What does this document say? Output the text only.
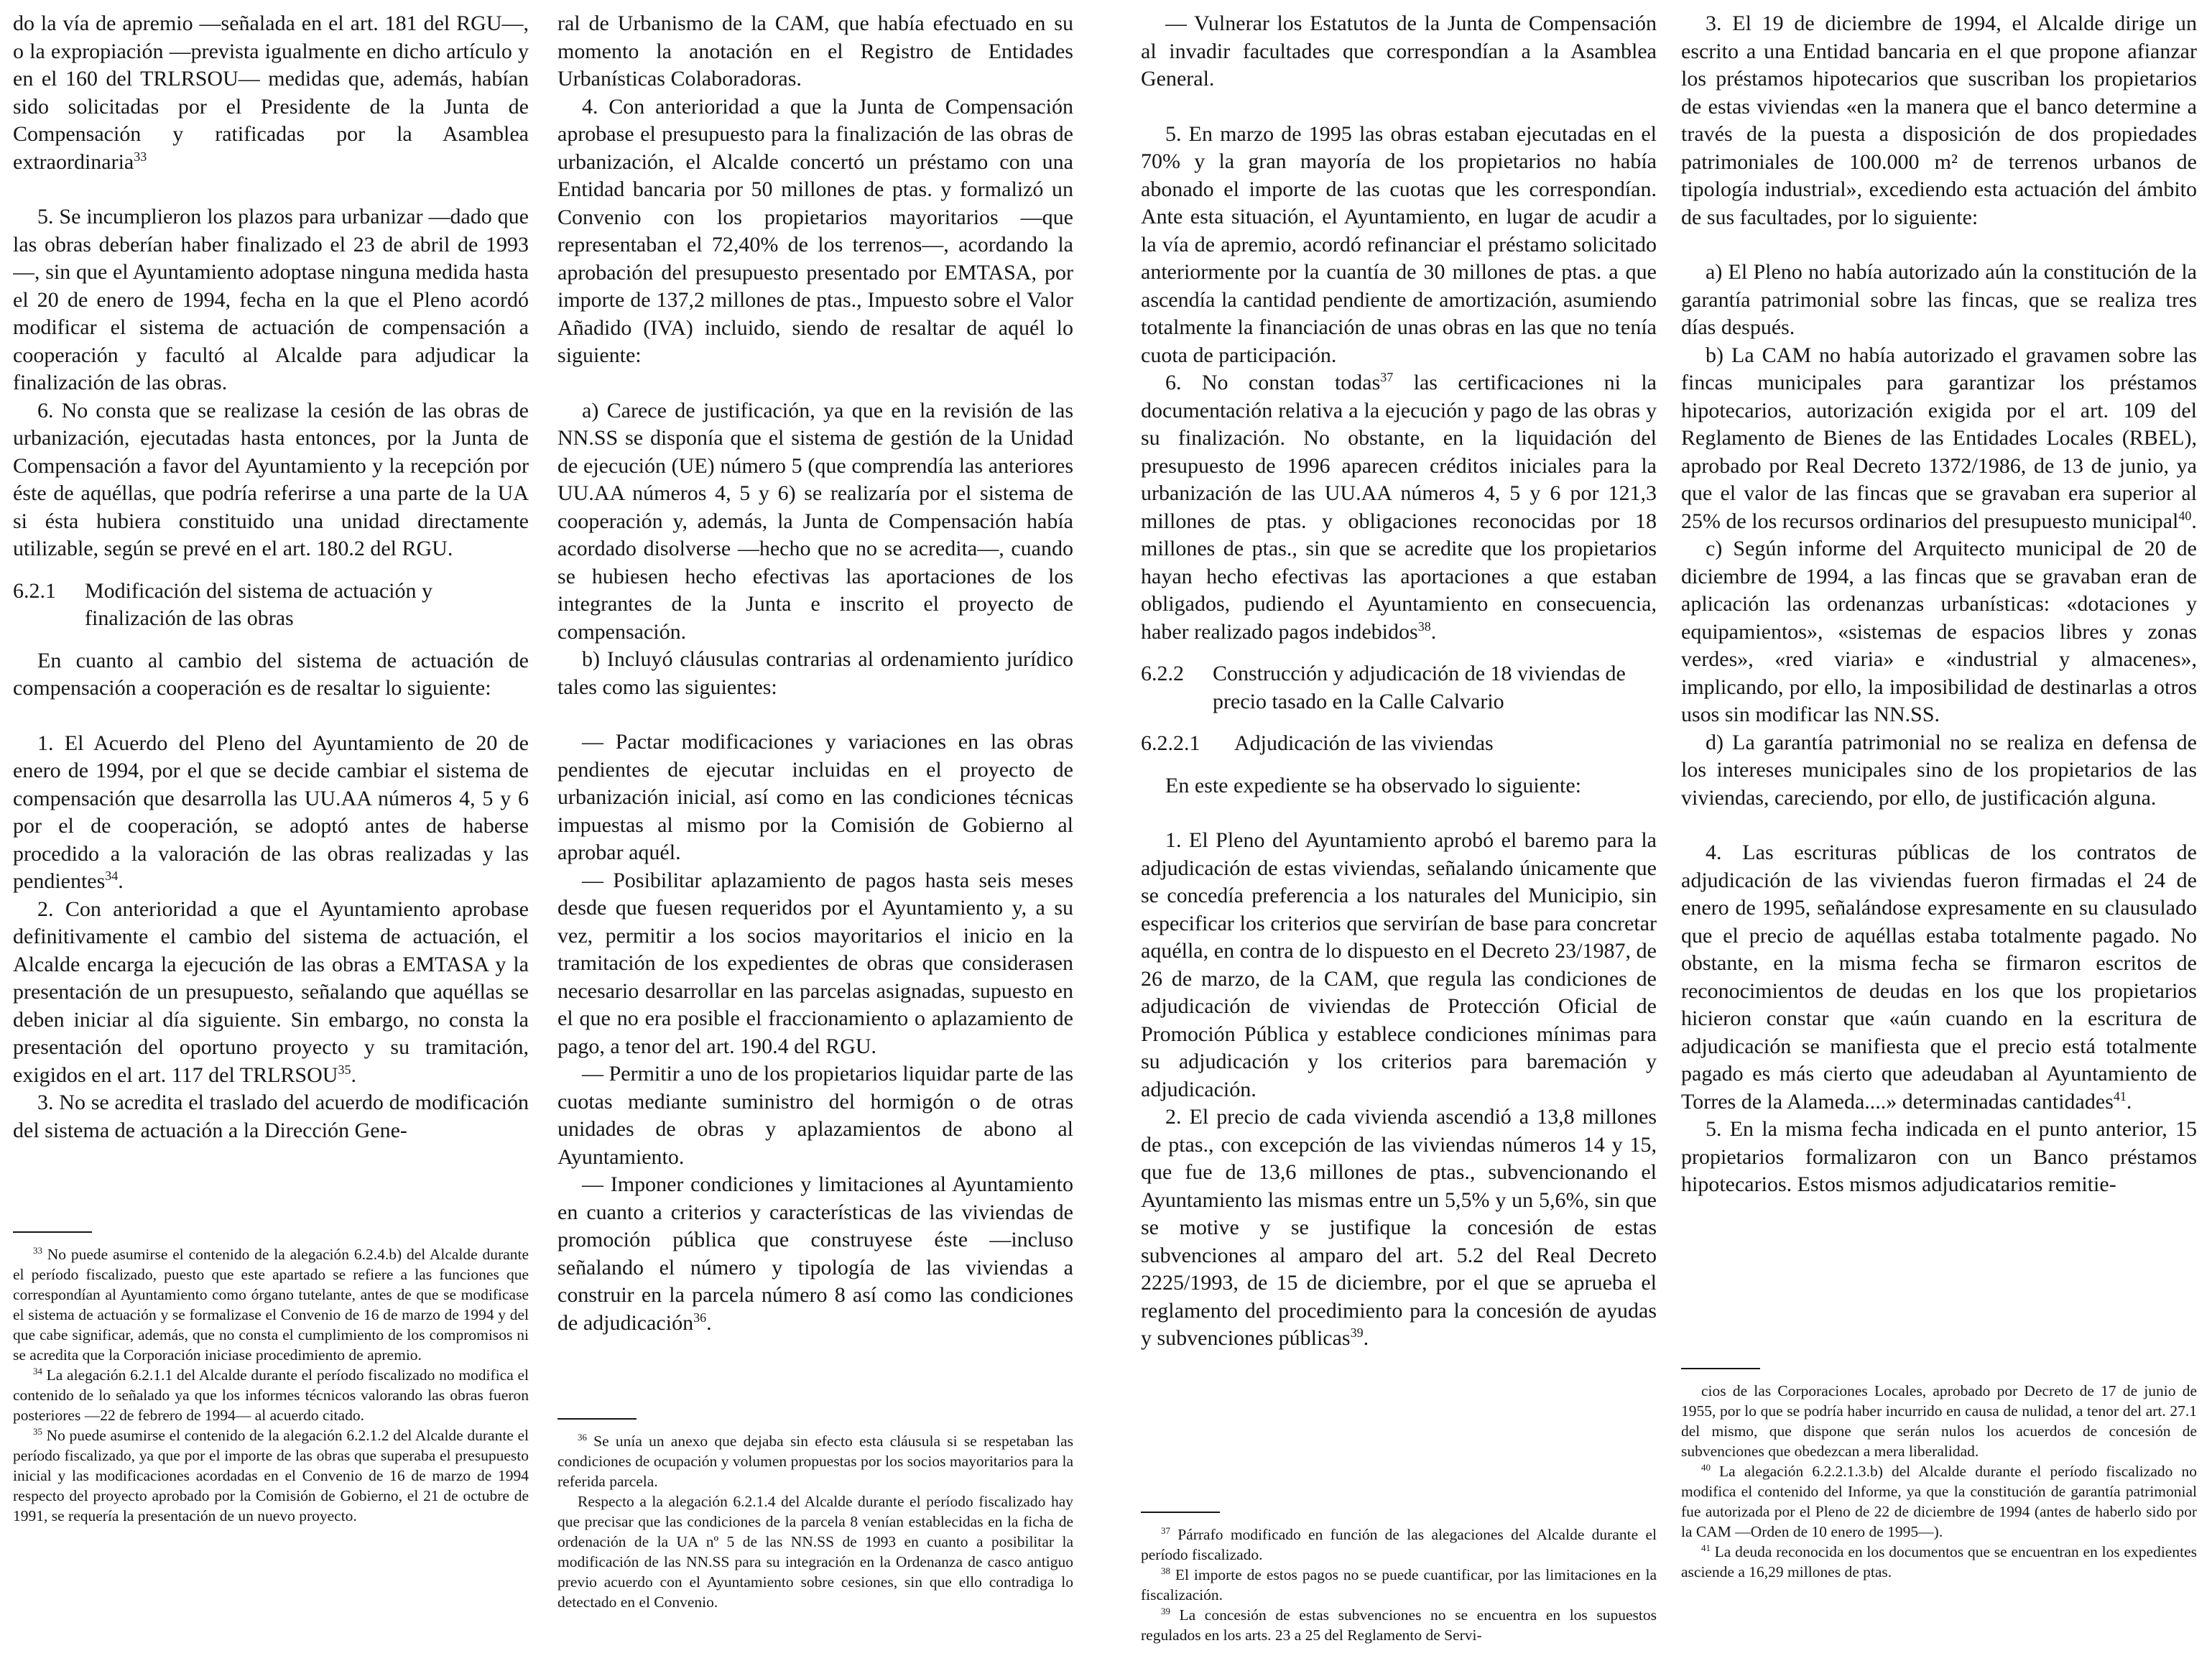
do la vía de apremio —señalada en el art. 181 del RGU—, o la expropiación —prevista igualmente en dicho artículo y en el 160 del TRLRSOU— medidas que, además, habían sido solicitadas por el Presidente de la Junta de Compensación y ratificadas por la Asamblea extraordinaria$^{33}$

5. Se incumplieron los plazos para urbanizar —dado que las obras deberían haber finalizado el 23 de abril de 1993—, sin que el Ayuntamiento adoptase ninguna medida hasta el 20 de enero de 1994, fecha en la que el Pleno acordó modificar el sistema de actuación de compensación a cooperación y facultó al Alcalde para adjudicar la finalización de las obras.

6. No consta que se realizase la cesión de las obras de urbanización, ejecutadas hasta entonces, por la Junta de Compensación a favor del Ayuntamiento y la recepción por éste de aquéllas, que podría referirse a una parte de la UA si ésta hubiera constituido una unidad directamente utilizable, según se prevé en el art. 180.2 del RGU.

6.2.1 Modificación del sistema de actuación y finalización de las obras

En cuanto al cambio del sistema de actuación de compensación a cooperación es de resaltar lo siguiente:

1. El Acuerdo del Pleno del Ayuntamiento de 20 de enero de 1994, por el que se decide cambiar el sistema de compensación que desarrolla las UU.AA números 4, 5 y 6 por el de cooperación, se adoptó antes de haberse procedido a la valoración de las obras realizadas y las pendientes$^{34}$.

2. Con anterioridad a que el Ayuntamiento aprobase definitivamente el cambio del sistema de actuación, el Alcalde encarga la ejecución de las obras a EMTASA y la presentación de un presupuesto, señalando que aquéllas se deben iniciar al día siguiente. Sin embargo, no consta la presentación del oportuno proyecto y su tramitación, exigidos en el art. 117 del TRLRSOU$^{35}$.

3. No se acredita el traslado del acuerdo de modificación del sistema de actuación a la Dirección Gene-

$^{33}$ No puede asumirse el contenido de la alegación 6.2.4.b) del Alcalde durante el período fiscalizado, puesto que este apartado se refiere a las funciones que correspondían al Ayuntamiento como órgano tutelante, antes de que se modificase el sistema de actuación y se formalizase el Convenio de 16 de marzo de 1994 y del que cabe significar, además, que no consta el cumplimiento de los compromisos ni se acredita que la Corporación iniciase procedimiento de apremio.

$^{34}$ La alegación 6.2.1.1 del Alcalde durante el período fiscalizado no modifica el contenido de lo señalado ya que los informes técnicos valorando las obras fueron posteriores —22 de febrero de 1994— al acuerdo citado.

$^{35}$ No puede asumirse el contenido de la alegación 6.2.1.2 del Alcalde durante el período fiscalizado, ya que por el importe de las obras que superaba el presupuesto inicial y las modificaciones acordadas en el Convenio de 16 de marzo de 1994 respecto del proyecto aprobado por la Comisión de Gobierno, el 21 de octubre de 1991, se requería la presentación de un nuevo proyecto.

ral de Urbanismo de la CAM, que había efectuado en su momento la anotación en el Registro de Entidades Urbanísticas Colaboradoras.

4. Con anterioridad a que la Junta de Compensación aprobase el presupuesto para la finalización de las obras de urbanización, el Alcalde concertó un préstamo con una Entidad bancaria por 50 millones de ptas. y formalizó un Convenio con los propietarios mayoritarios —que representaban el 72,40% de los terrenos—, acordando la aprobación del presupuesto presentado por EMTASA, por importe de 137,2 millones de ptas., Impuesto sobre el Valor Añadido (IVA) incluido, siendo de resaltar de aquél lo siguiente:

a) Carece de justificación, ya que en la revisión de las NN.SS se disponía que el sistema de gestión de la Unidad de ejecución (UE) número 5 (que comprendía las anteriores UU.AA números 4, 5 y 6) se realizaría por el sistema de cooperación y, además, la Junta de Compensación había acordado disolverse —hecho que no se acredita—, cuando se hubiesen hecho efectivas las aportaciones de los integrantes de la Junta e inscrito el proyecto de compensación.

b) Incluyó cláusulas contrarias al ordenamiento jurídico tales como las siguientes:

— Pactar modificaciones y variaciones en las obras pendientes de ejecutar incluidas en el proyecto de urbanización inicial, así como en las condiciones técnicas impuestas al mismo por la Comisión de Gobierno al aprobar aquél.

— Posibilitar aplazamiento de pagos hasta seis meses desde que fuesen requeridos por el Ayuntamiento y, a su vez, permitir a los socios mayoritarios el inicio en la tramitación de los expedientes de obras que considerasen necesario desarrollar en las parcelas asignadas, supuesto en el que no era posible el fraccionamiento o aplazamiento de pago, a tenor del art. 190.4 del RGU.

— Permitir a uno de los propietarios liquidar parte de las cuotas mediante suministro del hormigón o de otras unidades de obras y aplazamientos de abono al Ayuntamiento.

— Imponer condiciones y limitaciones al Ayuntamiento en cuanto a criterios y características de las viviendas de promoción pública que construyese éste —incluso señalando el número y tipología de las viviendas a construir en la parcela número 8 así como las condiciones de adjudicación$^{36}$.

$^{36}$ Se unía un anexo que dejaba sin efecto esta cláusula si se respetaban las condiciones de ocupación y volumen propuestas por los socios mayoritarios para la referida parcela.

Respecto a la alegación 6.2.1.4 del Alcalde durante el período fiscalizado hay que precisar que las condiciones de la parcela 8 venían establecidas en la ficha de ordenación de la UA nº 5 de las NN.SS de 1993 en cuanto a posibilitar la modificación de las NN.SS para su integración en la Ordenanza de casco antiguo previo acuerdo con el Ayuntamiento sobre cesiones, sin que ello contradiga lo detectado en el Convenio.

— Vulnerar los Estatutos de la Junta de Compensación al invadir facultades que correspondían a la Asamblea General.

5. En marzo de 1995 las obras estaban ejecutadas en el 70% y la gran mayoría de los propietarios no había abonado el importe de las cuotas que les correspondían. Ante esta situación, el Ayuntamiento, en lugar de acudir a la vía de apremio, acordó refinanciar el préstamo solicitado anteriormente por la cuantía de 30 millones de ptas. a que ascendía la cantidad pendiente de amortización, asumiendo totalmente la financiación de unas obras en las que no tenía cuota de participación.

6. No constan todas$^{37}$ las certificaciones ni la documentación relativa a la ejecución y pago de las obras y su finalización. No obstante, en la liquidación del presupuesto de 1996 aparecen créditos iniciales para la urbanización de las UU.AA números 4, 5 y 6 por 121,3 millones de ptas. y obligaciones reconocidas por 18 millones de ptas., sin que se acredite que los propietarios hayan hecho efectivas las aportaciones a que estaban obligados, pudiendo el Ayuntamiento en consecuencia, haber realizado pagos indebidos$^{38}$.

6.2.2 Construcción y adjudicación de 18 viviendas de precio tasado en la Calle Calvario

6.2.2.1 Adjudicación de las viviendas

En este expediente se ha observado lo siguiente:

1. El Pleno del Ayuntamiento aprobó el baremo para la adjudicación de estas viviendas, señalando únicamente que se concedía preferencia a los naturales del Municipio, sin especificar los criterios que servirían de base para concretar aquélla, en contra de lo dispuesto en el Decreto 23/1987, de 26 de marzo, de la CAM, que regula las condiciones de adjudicación de viviendas de Protección Oficial de Promoción Pública y establece condiciones mínimas para su adjudicación y los criterios para baremación y adjudicación.

2. El precio de cada vivienda ascendió a 13,8 millones de ptas., con excepción de las viviendas números 14 y 15, que fue de 13,6 millones de ptas., subvencionando el Ayuntamiento las mismas entre un 5,5% y un 5,6%, sin que se motive y se justifique la concesión de estas subvenciones al amparo del art. 5.2 del Real Decreto 2225/1993, de 15 de diciembre, por el que se aprueba el reglamento del procedimiento para la concesión de ayudas y subvenciones públicas$^{39}$.

$^{37}$ Párrafo modificado en función de las alegaciones del Alcalde durante el período fiscalizado.

$^{38}$ El importe de estos pagos no se puede cuantificar, por las limitaciones en la fiscalización.

$^{39}$ La concesión de estas subvenciones no se encuentra en los supuestos regulados en los arts. 23 a 25 del Reglamento de Servi-

3. El 19 de diciembre de 1994, el Alcalde dirige un escrito a una Entidad bancaria en el que propone afianzar los préstamos hipotecarios que suscriban los propietarios de estas viviendas «en la manera que el banco determine a través de la puesta a disposición de dos propiedades patrimoniales de 100.000 m² de terrenos urbanos de tipología industrial», excediendo esta actuación del ámbito de sus facultades, por lo siguiente:

a) El Pleno no había autorizado aún la constitución de la garantía patrimonial sobre las fincas, que se realiza tres días después.

b) La CAM no había autorizado el gravamen sobre las fincas municipales para garantizar los préstamos hipotecarios, autorización exigida por el art. 109 del Reglamento de Bienes de las Entidades Locales (RBEL), aprobado por Real Decreto 1372/1986, de 13 de junio, ya que el valor de las fincas que se gravaban era superior al 25% de los recursos ordinarios del presupuesto municipal$^{40}$.

c) Según informe del Arquitecto municipal de 20 de diciembre de 1994, a las fincas que se gravaban eran de aplicación las ordenanzas urbanísticas: «dotaciones y equipamientos», «sistemas de espacios libres y zonas verdes», «red viaria» e «industrial y almacenes», implicando, por ello, la imposibilidad de destinarlas a otros usos sin modificar las NN.SS.

d) La garantía patrimonial no se realiza en defensa de los intereses municipales sino de los propietarios de las viviendas, careciendo, por ello, de justificación alguna.

4. Las escrituras públicas de los contratos de adjudicación de las viviendas fueron firmadas el 24 de enero de 1995, señalándose expresamente en su clausulado que el precio de aquéllas estaba totalmente pagado. No obstante, en la misma fecha se firmaron escritos de reconocimientos de deudas en los que los propietarios hicieron constar que «aún cuando en la escritura de adjudicación se manifiesta que el precio está totalmente pagado es más cierto que adeudaban al Ayuntamiento de Torres de la Alameda....» determinadas cantidades$^{41}$.

5. En la misma fecha indicada en el punto anterior, 15 propietarios formalizaron con un Banco préstamos hipotecarios. Estos mismos adjudicatarios remitie-

cios de las Corporaciones Locales, aprobado por Decreto de 17 de junio de 1955, por lo que se podría haber incurrido en causa de nulidad, a tenor del art. 27.1 del mismo, que dispone que serán nulos los acuerdos de concesión de subvenciones que obedezcan a mera liberalidad.

$^{40}$ La alegación 6.2.2.1.3.b) del Alcalde durante el período fiscalizado no modifica el contenido del Informe, ya que la constitución de garantía patrimonial fue autorizada por el Pleno de 22 de diciembre de 1994 (antes de haberlo sido por la CAM —Orden de 10 enero de 1995—).

$^{41}$ La deuda reconocida en los documentos que se encuentran en los expedientes asciende a 16,29 millones de ptas.
